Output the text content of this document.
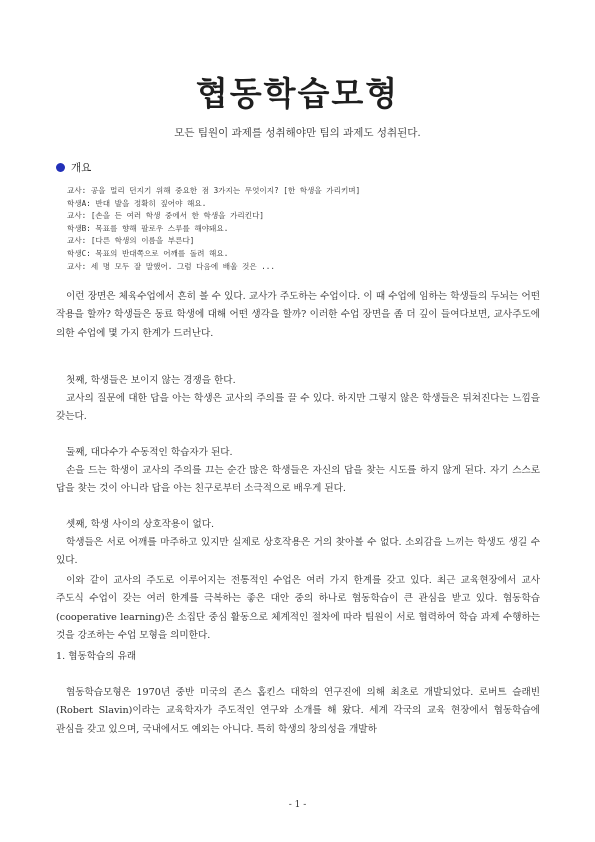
협동학습모형
모든 팀원이 과제를 성취해야만 팀의 과제도 성취된다.
개요
교사: 공을 멀리 던지기 위해 중요한 점 3가지는 무엇이지? [한 학생을 가리키며]
학생A: 반대 발을 정확히 짚어야 해요.
교사: [손을 든 여러 학생 중에서 한 학생을 가리킨다]
학생B: 목표를 향해 팔로우 스루를 해야돼요.
교사: [다른 학생의 이름을 부른다]
학생C: 목표의 반대쪽으로 어깨를 돌려 해요.
교사: 세 명 모두 잘 말했어. 그럼 다음에 배울 것은 ...
이런 장면은 체육수업에서 흔히 볼 수 있다. 교사가 주도하는 수업이다. 이 때 수업에 임하는 학생들의 두뇌는 어떤 작용을 할까? 학생들은 동료 학생에 대해 어떤 생각을 할까? 이러한 수업 장면을 좀 더 깊이 들여다보면, 교사주도에 의한 수업에 몇 가지 한계가 드러난다.
첫째, 학생들은 보이지 않는 경쟁을 한다.
교사의 질문에 대한 답을 아는 학생은 교사의 주의를 끌 수 있다. 하지만 그렇지 않은 학생들은 뒤쳐진다는 느낌을 갖는다.
둘째, 대다수가 수동적인 학습자가 된다.
손을 드는 학생이 교사의 주의를 끄는 순간 많은 학생들은 자신의 답을 찾는 시도를 하지 않게 된다. 자기 스스로 답을 찾는 것이 아니라 답을 아는 친구로부터 소극적으로 배우게 된다.
셋째, 학생 사이의 상호작용이 없다.
학생들은 서로 어깨를 마주하고 있지만 실제로 상호작용은 거의 찾아볼 수 없다. 소외감을 느끼는 학생도 생길 수 있다.
이와 같이 교사의 주도로 이루어지는 전통적인 수업은 여러 가지 한계를 갖고 있다. 최근 교육현장에서 교사 주도식 수업이 갖는 여러 한계를 극복하는 좋은 대안 중의 하나로 협동학습이 큰 관심을 받고 있다. 협동학습(cooperative learning)은 소집단 중심 활동으로 체계적인 절차에 따라 팀원이 서로 협력하여 학습 과제 수행하는 것을 강조하는 수업 모형을 의미한다.
1. 협동학습의 유래
협동학습모형은 1970년 중반 미국의 존스 홉킨스 대학의 연구진에 의해 최초로 개발되었다. 로버트 슬래빈(Robert Slavin)이라는 교육학자가 주도적인 연구와 소개를 해 왔다. 세계 각국의 교육 현장에서 협동학습에 관심을 갖고 있으며, 국내에서도 예외는 아니다. 특히 학생의 창의성을 개발하
- 1 -
